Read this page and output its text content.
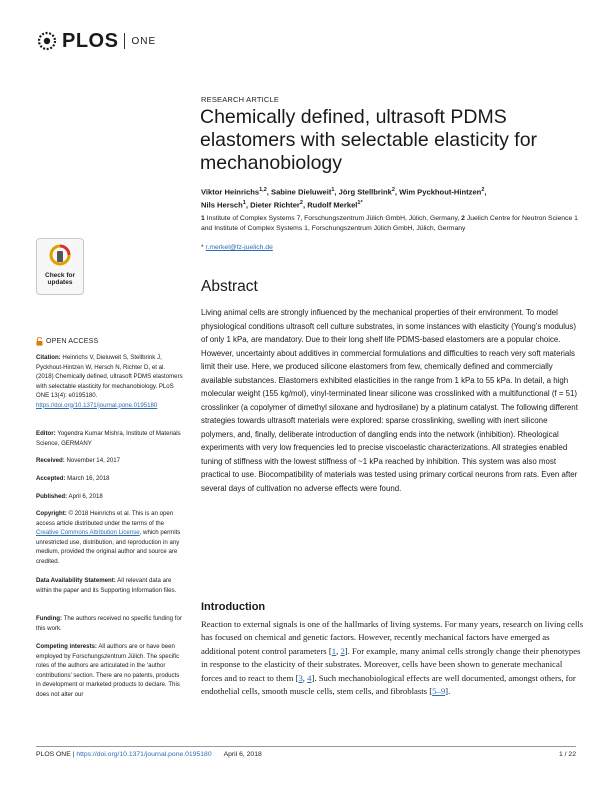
PLOS ONE
RESEARCH ARTICLE
Chemically defined, ultrasoft PDMS elastomers with selectable elasticity for mechanobiology
Viktor Heinrichs$^{1,2}$, Sabine Dieluweit$^1$, Jörg Stellbrink$^2$, Wim Pyckhout-Hintzen$^2$,
Nils Hersch$^1$, Dieter Richter$^2$, Rudolf Merkel$^{1*}$
1 Institute of Complex Systems 7, Forschungszentrum Jülich GmbH, Jülich, Germany, 2 Juelich Centre for Neutron Science 1 and Institute of Complex Systems 1, Forschungszentrum Jülich GmbH, Jülich, Germany
* r.merkel@fz-juelich.de
Abstract

Living animal cells are strongly influenced by the mechanical properties of their environment. To model physiological conditions ultrasoft cell culture substrates, in some instances with elasticity (Young’s modulus) of only 1 kPa, are mandatory. Due to their long shelf life PDMS-based elastomers are a popular choice. However, uncertainty about additives in commercial formulations and difficulties to reach very soft materials limit their use. Here, we produced silicone elastomers from few, chemically defined and commercially available substances. Elastomers exhibited elasticities in the range from 1 kPa to 55 kPa. In detail, a high molecular weight (155 kg/mol), vinyl-terminated linear silicone was crosslinked with a multifunctional (f = 51) crosslinker (a copolymer of dimethyl siloxane and hydrosilane) by a platinum catalyst. The following different strategies towards ultrasoft materials were explored: sparse crosslinking, swelling with inert silicone polymers, and, finally, deliberate introduction of dangling ends into the network (inhibition). Rheological experiments with very low frequencies led to precise viscoelastic characterizations. All strategies enabled tuning of stiffness with the lowest stiffness of ~1 kPa reached by inhibition. This system was also most practical to use. Biocompatibility of materials was tested using primary cortical neurons from rats. Even after several days of cultivation no adverse effects were found.

Introduction

Reaction to external signals is one of the hallmarks of living systems. For many years, research on living cells has focused on chemical and genetic factors. However, recently mechanical factors have emerged as additional potent control parameters [1, 2]. For example, many animal cells strongly change their phenotypes in response to the elasticity of their substrates. Moreover, cells have been shown to generate mechanical forces and to react to them [3, 4]. Such mechanobiological effects are well documented, amongst others, for endothelial cells, smooth muscle cells, stem cells, and fibroblasts [5–9].

Check for
updates
OPEN ACCESS

Citation: Heinrichs V, Dieluweit S, Stellbrink J, Pyckhout-Hintzen W, Hersch N, Richter D, et al. (2018) Chemically defined, ultrasoft PDMS elastomers with selectable elasticity for mechanobiology. PLoS ONE 13(4): e0195180. https://doi.org/10.1371/journal.pone.0195180

Editor: Yogendra Kumar Mishra, Institute of Materials Science, GERMANY

Received: November 14, 2017

Accepted: March 16, 2018

Published: April 6, 2018

Copyright: © 2018 Heinrichs et al. This is an open access article distributed under the terms of the Creative Commons Attribution License, which permits unrestricted use, distribution, and reproduction in any medium, provided the original author and source are credited.

Data Availability Statement: All relevant data are within the paper and its Supporting Information files.

Funding: The authors received no specific funding for this work.

Competing interests: All authors are or have been employed by Forschungszentrum Jülich. The specific roles of the authors are articulated in the ‘author contributions’ section. There are no patents, products in development or marketed products to declare. This does not alter our

PLOS ONE
|
https://doi.org/10.1371/journal.pone.0195180 April 6, 2018	1 / 22
